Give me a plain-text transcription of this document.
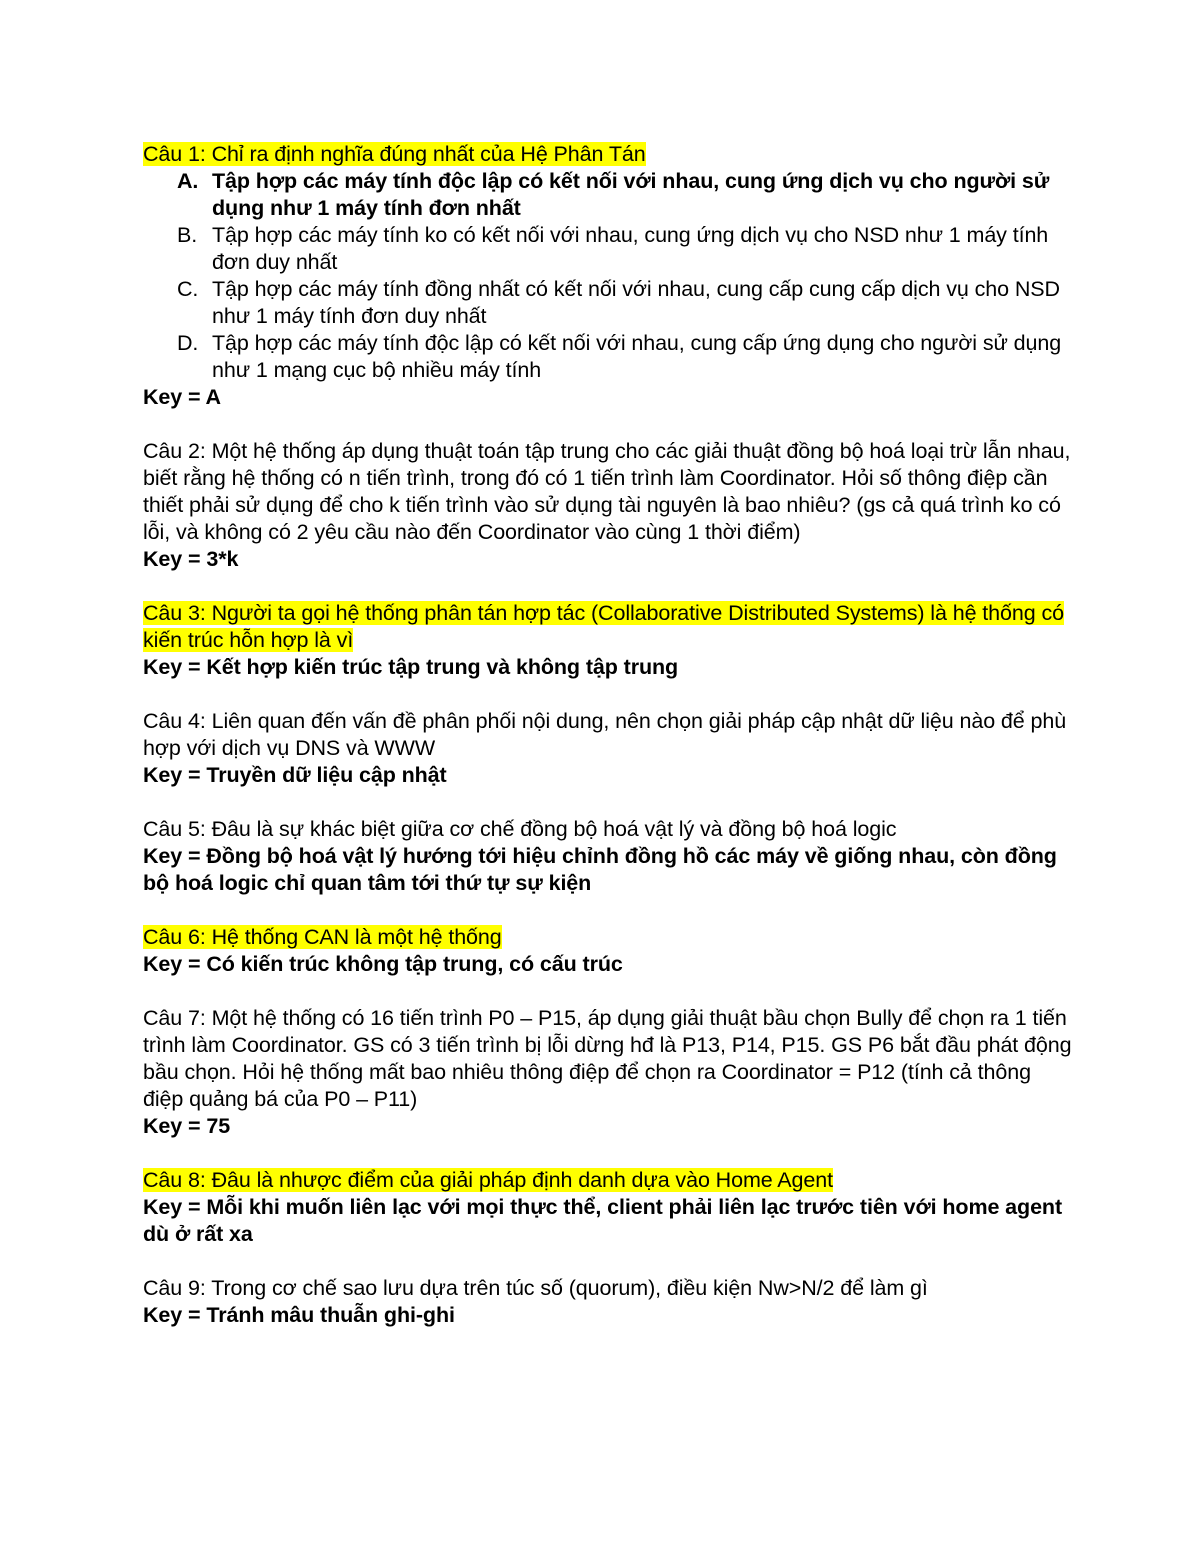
Câu 1: Chỉ ra định nghĩa đúng nhất của Hệ Phân Tán
A. Tập hợp các máy tính độc lập có kết nối với nhau, cung ứng dịch vụ cho người sử dụng như 1 máy tính đơn nhất
B. Tập hợp các máy tính ko có kết nối với nhau, cung ứng dịch vụ cho NSD như 1 máy tính đơn duy nhất
C. Tập hợp các máy tính đồng nhất có kết nối với nhau, cung cấp cung cấp dịch vụ cho NSD như 1 máy tính đơn duy nhất
D. Tập hợp các máy tính độc lập có kết nối với nhau, cung cấp ứng dụng cho người sử dụng như 1 mạng cục bộ nhiều máy tính
Key = A
Câu 2: Một hệ thống áp dụng thuật toán tập trung cho các giải thuật đồng bộ hoá loại trừ lẫn nhau, biết rằng hệ thống có n tiến trình, trong đó có 1 tiến trình làm Coordinator. Hỏi số thông điệp cần thiết phải sử dụng để cho k tiến trình vào sử dụng tài nguyên là bao nhiêu? (gs cả quá trình ko có lỗi, và không có 2 yêu cầu nào đến Coordinator vào cùng 1 thời điểm)
Key = 3*k
Câu 3: Người ta gọi hệ thống phân tán hợp tác (Collaborative Distributed Systems) là hệ thống có kiến trúc hỗn hợp là vì
Key = Kết hợp kiến trúc tập trung và không tập trung
Câu 4: Liên quan đến vấn đề phân phối nội dung, nên chọn giải pháp cập nhật dữ liệu nào để phù hợp với dịch vụ DNS và WWW
Key = Truyền dữ liệu cập nhật
Câu 5: Đâu là sự khác biệt giữa cơ chế đồng bộ hoá vật lý và đồng bộ hoá logic
Key = Đồng bộ hoá vật lý hướng tới hiệu chỉnh đồng hồ các máy về giống nhau, còn đồng bộ hoá logic chỉ quan tâm tới thứ tự sự kiện
Câu 6: Hệ thống CAN là một hệ thống
Key = Có kiến trúc không tập trung, có cấu trúc
Câu 7: Một hệ thống có 16 tiến trình P0 – P15, áp dụng giải thuật bầu chọn Bully để chọn ra 1 tiến trình làm Coordinator. GS có 3 tiến trình bị lỗi dừng hđ là P13, P14, P15. GS P6 bắt đầu phát động bầu chọn. Hỏi hệ thống mất bao nhiêu thông điệp để chọn ra Coordinator = P12 (tính cả thông điệp quảng bá của P0 – P11)
Key = 75
Câu 8: Đâu là nhược điểm của giải pháp định danh dựa vào Home Agent
Key = Mỗi khi muốn liên lạc với mọi thực thể, client phải liên lạc trước tiên với home agent dù ở rất xa
Câu 9: Trong cơ chế sao lưu dựa trên túc số (quorum), điều kiện Nw>N/2 để làm gì
Key = Tránh mâu thuẫn ghi-ghi
